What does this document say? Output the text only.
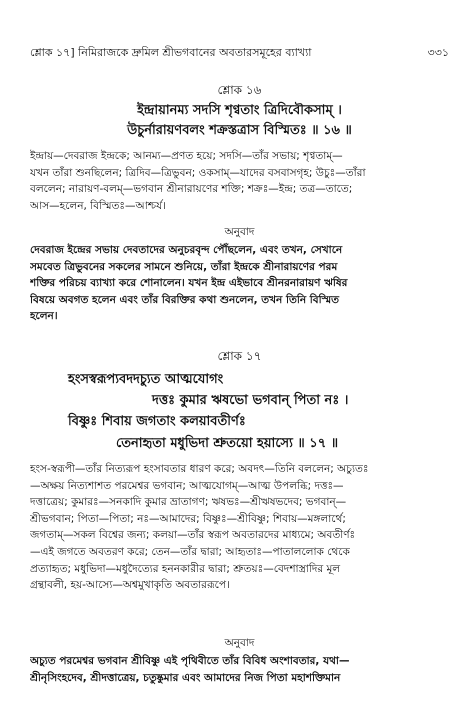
শ্লোক ১৭] নিমিরাজকে দ্রুমিল শ্রীভগবানের অবতারসমূহের ব্যাখ্যা	৩৩১
শ্লোক ১৬
ইন্দ্রায়ানম্য সদসি শৃণ্বতাং ত্রিদিবৌকসাম্ ।
উচুর্নারায়ণবলং শক্রস্তত্রাস বিস্মিতঃ ॥ ১৬ ॥
ইন্দ্রায়—দেবরাজ ইন্দ্রকে; আনম্য—প্রণত হয়ে; সদসি—তাঁর সভায়; শৃণ্বতাম্—
যখন তাঁরা শুনছিলেন; ত্রিদিব—ত্রিভুবন; ওকসাম্—যাদের বসবাসগৃহ; উচুঃ—তাঁরা
বললেন; নারায়ণ-বলম্—ভগবান শ্রীনারায়ণের শক্তি; শক্রঃ—ইন্দ্র; তত্র—তাতে;
আস—হলেন, বিস্মিতঃ—আশ্চর্য।
অনুবাদ
দেবরাজ ইন্দ্রের সভায় দেবতাদের অনুচরবৃন্দ পৌঁছলেন, এবং তখন, সেখানে
সমবেত ত্রিভুবনের সকলের সামনে শুনিয়ে, তাঁরা ইন্দ্রকে শ্রীনারায়ণের পরম
শক্তির পরিচয় ব্যাখ্যা করে শোনালেন। যখন ইন্দ্র এইভাবে শ্রীনরনারায়ণ ঋষির
বিষয়ে অবগত হলেন এবং তাঁর বিরক্তির কথা শুনলেন, তখন তিনি বিস্মিত
হলেন।
শ্লোক ১৭
হংসস্বরূপ্যবদদচ্যুত আত্মযোগং
দত্তঃ কুমার ঋষভো ভগবান্ পিতা নঃ ।
বিষ্ণুঃ শিবায় জগতাং কলয়াবতীর্ণঃ
তেনাহৃতা মধুভিদা শ্রুতয়ো হয়াস্যে ॥ ১৭ ॥
হংস-স্বরূপী—তাঁর নিত্যরূপ হংসাবতার ধারণ করে; অবদৎ—তিনি বললেন; অচ্যুতঃ
—অক্ষয় নিত্যশাশত পরমেশ্বর ভগবান; আত্মযোগম্—আত্ম উপলব্ধি; দত্তঃ—
দত্তাত্রেয়; কুমারঃ—সনকাদি কুমার ভ্রাতাগণ; ঋষভঃ—শ্রীঋষভদেব; ভগবান্—
শ্রীভগবান; পিতা—পিতা; নঃ—আমাদের; বিষ্ণুঃ—শ্রীবিষ্ণু; শিবায়—মঙ্গলার্থে;
জগতাম্—সকল বিশ্বের জন্য; কলয়া—তাঁর স্বরূপ অবতারদের মাধ্যমে; অবতীর্ণঃ
—এই জগতে অবতরণ করে; তেন—তাঁর দ্বারা; আহৃতাঃ—পাতাললোক থেকে
প্রত্যাহৃত; মধুভিদা—মধুদৈত্যের হননকারীর দ্বারা; শ্রুতয়ঃ—বেদশাস্ত্রাদির মূল
গ্রন্থাবলী, হয়-আস্যে—অশ্বমুখাকৃতি অবতাররূপে।
অনুবাদ
অচ্যুত পরমেশ্বর ভগবান শ্রীবিষ্ণু এই পৃথিবীতে তাঁর বিবিধ অংশাবতার, যথা—
শ্রীনৃসিংহদেব, শ্রীদত্তাত্রেয়, চতুষ্কুমার এবং আমাদের নিজ পিতা মহাশক্তিমান
